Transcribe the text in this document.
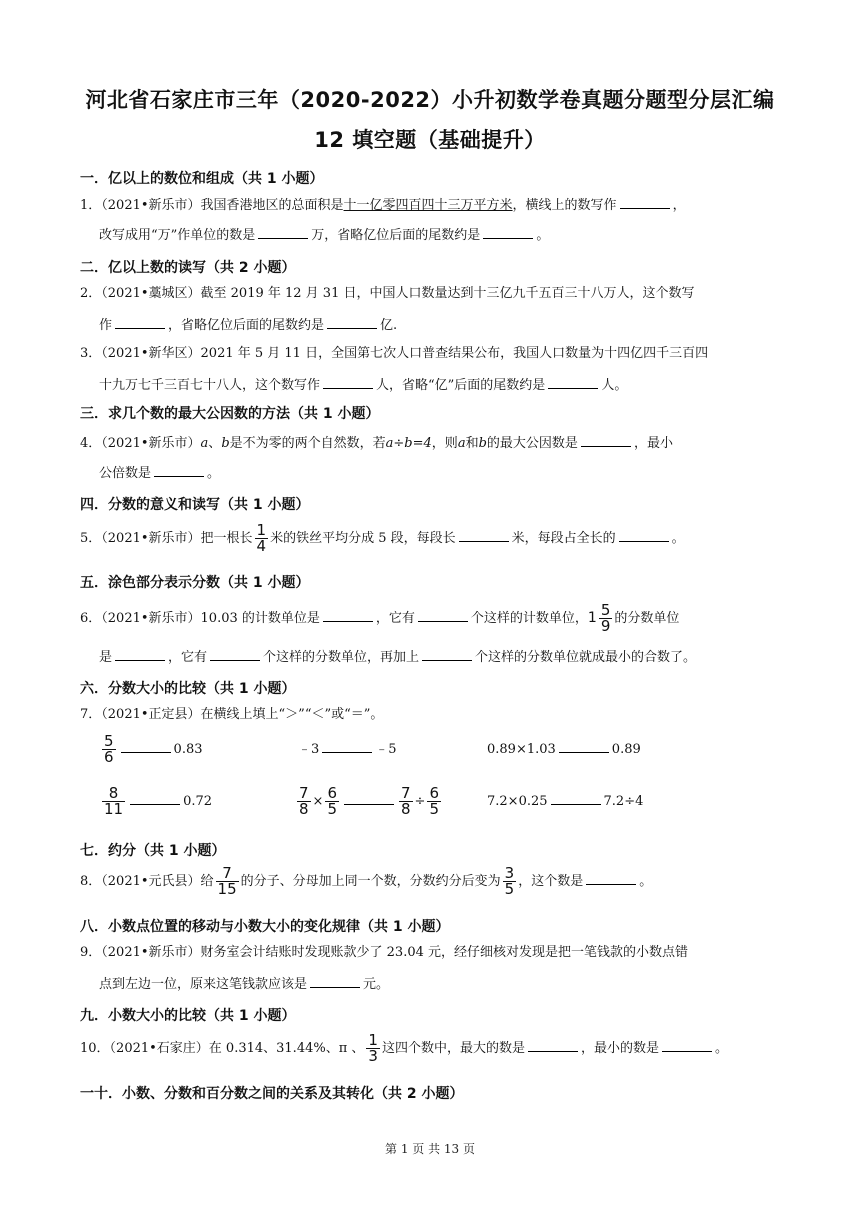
河北省石家庄市三年（2020-2022）小升初数学卷真题分题型分层汇编
12 填空题（基础提升）
一．亿以上的数位和组成（共 1 小题）
1．（2021•新乐市）我国香港地区的总面积是十一亿零四百四十三万平方米，横线上的数写作	，
改写成用“万”作单位的数是	万，省略亿位后面的尾数约是	。
二．亿以上数的读写（共 2 小题）
2．（2021•藁城区）截至 2019 年 12 月 31 日，中国人口数量达到十三亿九千五百三十八万人，这个数写
作	，省略亿位后面的尾数约是	亿.
3．（2021•新华区）2021 年 5 月 11 日，全国第七次人口普查结果公布，我国人口数量为十四亿四千三百四
十九万七千三百七十八人，这个数写作	人，省略“亿”后面的尾数约是	人。
三．求几个数的最大公因数的方法（共 1 小题）
4．（2021•新乐市）a、b是不为零的两个自然数，若a÷b=4，则a和b的最大公因数是	，最小
公倍数是	。
四．分数的意义和读写（共 1 小题）
5．（2021•新乐市）把一根长 $\frac{1}{4}$ 米的铁丝平均分成 5 段，每段长	米，每段占全长的	。
五．涂色部分表示分数（共 1 小题）
6．（2021•新乐市）10.03 的计数单位是	，它有	个这样的计数单位，$1 \frac{5}{9}$ 的分数单位
是	，它有	个这样的分数单位，再加上	个这样的分数单位就成最小的合数了。
六．分数大小的比较（共 1 小题）
7．（2021•正定县）在横线上填上“＞”“＜”或“＝”。
$\frac{5}{6}$	0.83	﹣3	﹣5	0.89×1.03	0.89
$\frac{8}{11}$	0.72	$\frac{7}{8} \times \frac{6}{5}$	$\frac{7}{8} \div \frac{6}{5}$	7.2×0.25	7.2÷4
七．约分（共 1 小题）
8．（2021•元氏县）给 $\frac{7}{15}$ 的分子、分母加上同一个数，分数约分后变为 $\frac{3}{5}$ ，这个数是	。
八．小数点位置的移动与小数大小的变化规律（共 1 小题）
9．（2021•新乐市）财务室会计结账时发现账款少了 23.04 元，经仔细核对发现是把一笔钱款的小数点错
点到左边一位，原来这笔钱款应该是	元。
九．小数大小的比较（共 1 小题）
10．（2021•石家庄）在 0.314、31.44%、π 、 $\frac{1}{3}$ 这四个数中，最大的数是	，最小的数是	。
一十．小数、分数和百分数之间的关系及其转化（共 2 小题）
第 1 页 共 13 页
